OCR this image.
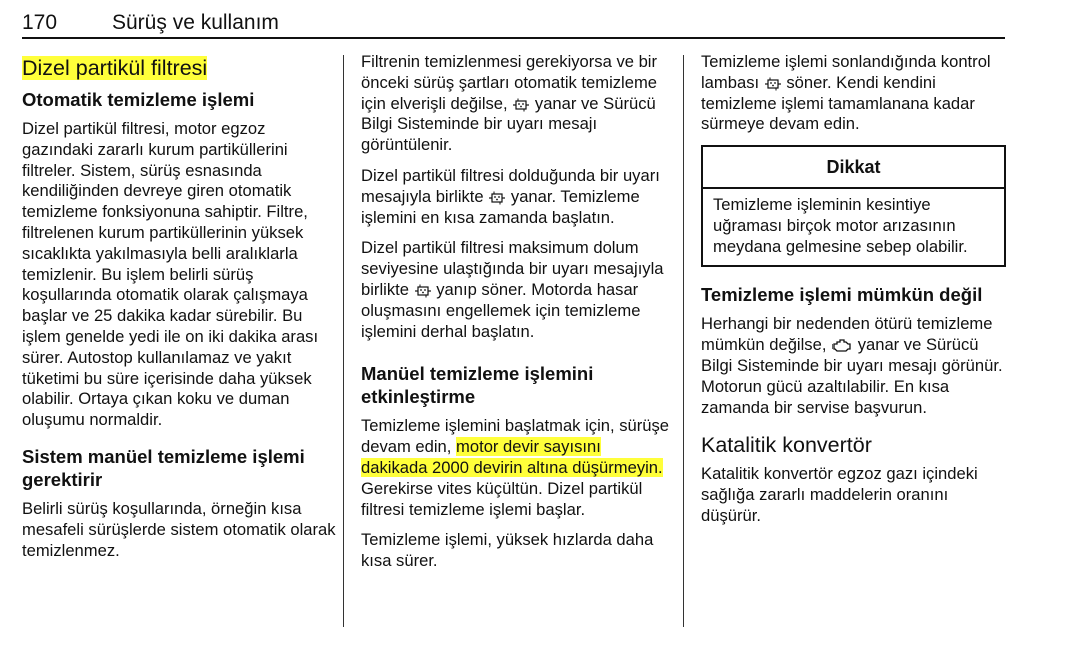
170	Sürüş ve kullanım
Dizel partikül filtresi
Otomatik temizleme işlemi

Dizel partikül filtresi, motor egzoz gazındaki zararlı kurum partiküllerini filtreler. Sistem, sürüş esnasında kendiliğinden devreye giren otomatik temizleme fonksiyonuna sahiptir. Filtre, filtrelenen kurum partiküllerinin yüksek sıcaklıkta yakılmasıyla belli aralıklarla temizlenir. Bu işlem belirli sürüş koşullarında otomatik olarak çalışmaya başlar ve 25 dakika kadar sürebilir. Bu işlem genelde yedi ile on iki dakika arası sürer. Autostop kullanılamaz ve yakıt tüketimi bu süre içerisinde daha yüksek olabilir. Ortaya çıkan koku ve duman oluşumu normaldir.

Sistem manüel temizleme işlemi gerektirir

Belirli sürüş koşullarında, örneğin kısa mesafeli sürüşlerde sistem otomatik olarak temizlenmez.

Filtrenin temizlenmesi gerekiyorsa ve bir önceki sürüş şartları otomatik temizleme için elverişli değilse, yanar ve Sürücü Bilgi Sisteminde bir uyarı mesajı görüntülenir.

Dizel partikül filtresi dolduğunda bir uyarı mesajıyla birlikte yanar. Temizleme işlemini en kısa zamanda başlatın.

Dizel partikül filtresi maksimum dolum seviyesine ulaştığında bir uyarı mesajıyla birlikte yanıp söner. Motorda hasar oluşmasını engellemek için temizleme işlemini derhal başlatın.

Manüel temizleme işlemini etkinleştirme

Temizleme işlemini başlatmak için, sürüşe devam edin, motor devir sayısını dakikada 2000 devirin altına düşürmeyin. Gerekirse vites küçültün. Dizel partikül filtresi temizleme işlemi başlar.

Temizleme işlemi, yüksek hızlarda daha kısa sürer.

Temizleme işlemi sonlandığında kontrol lambası söner. Kendi kendini temizleme işlemi tamamlanana kadar sürmeye devam edin.

Dikkat
Temizleme işleminin kesintiye uğraması birçok motor arızasının meydana gelmesine sebep olabilir.
Temizleme işlemi mümkün değil

Herhangi bir nedenden ötürü temizleme mümkün değilse, yanar ve Sürücü Bilgi Sisteminde bir uyarı mesajı görünür. Motorun gücü azaltılabilir. En kısa zamanda bir servise başvurun.

Katalitik konvertör

Katalitik konvertör egzoz gazı içindeki sağlığa zararlı maddelerin oranını düşürür.
